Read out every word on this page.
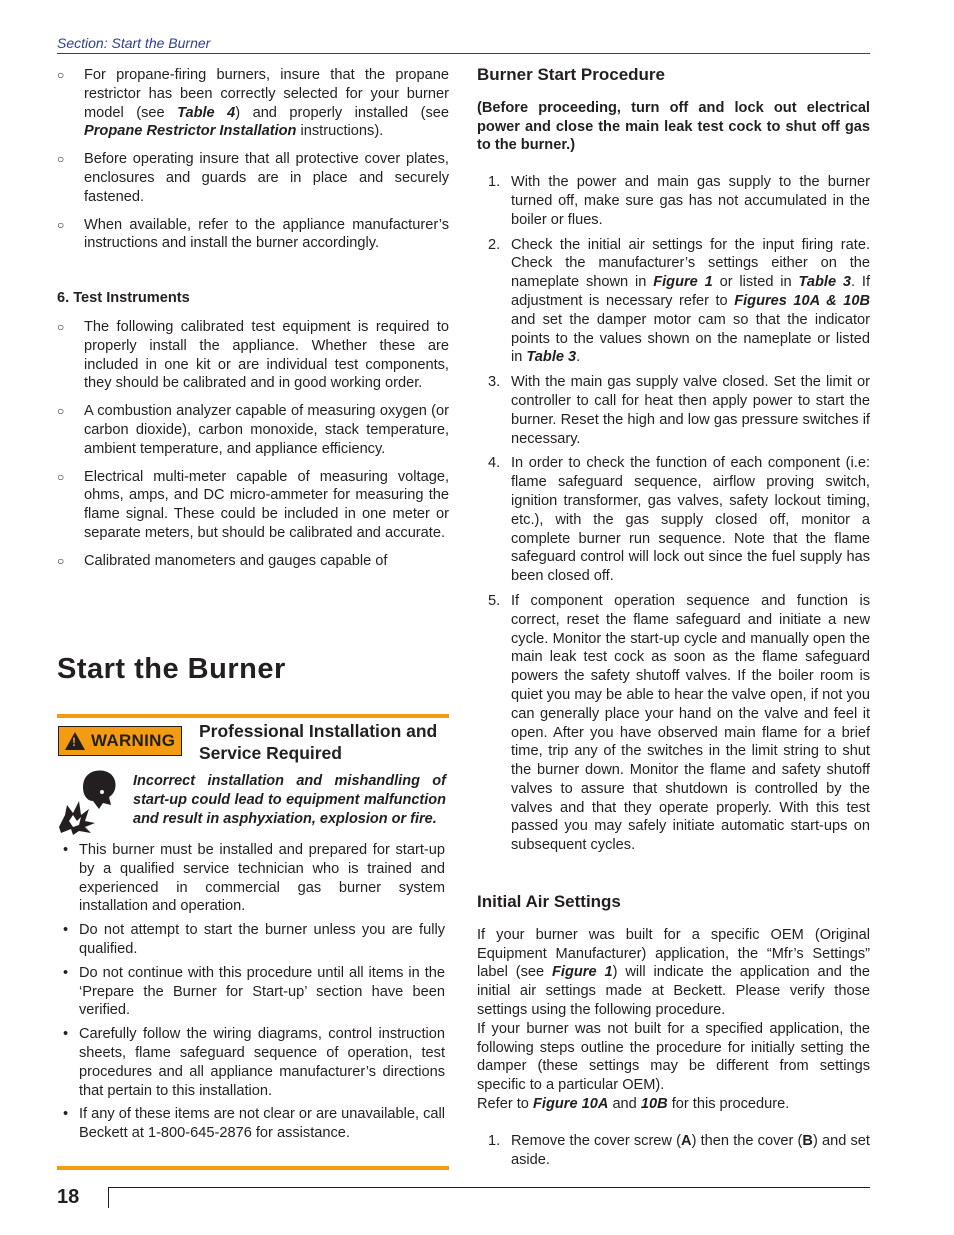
Section: Start the Burner
○ For propane-firing burners, insure that the propane restrictor has been correctly selected for your burner model (see Table 4) and properly installed (see Propane Restrictor Installation instructions).
○ Before operating insure that all protective cover plates, enclosures and guards are in place and securely fastened.
○ When available, refer to the appliance manufacturer’s instructions and install the burner accordingly.
6. Test Instruments
○ The following calibrated test equipment is required to properly install the appliance. Whether these are included in one kit or are individual test components, they should be calibrated and in good working order.
○ A combustion analyzer capable of measuring oxygen (or carbon dioxide), carbon monoxide, stack temperature, ambient temperature, and appliance efficiency.
○ Electrical multi-meter capable of measuring voltage, ohms, amps, and DC micro-ammeter for measuring the flame signal. These could be included in one meter or separate meters, but should be calibrated and accurate.
○ Calibrated manometers and gauges capable of
Start the Burner
! WARNING Professional Installation and Service Required
Incorrect installation and mishandling of start-up could lead to equipment malfunction and result in asphyxiation, explosion or fire.
• This burner must be installed and prepared for start-up by a qualified service technician who is trained and experienced in commercial gas burner system installation and operation.
• Do not attempt to start the burner unless you are fully qualified.
• Do not continue with this procedure until all items in the ‘Prepare the Burner for Start-up’ section have been verified.
• Carefully follow the wiring diagrams, control instruction sheets, flame safeguard sequence of operation, test procedures and all appliance manufacturer’s directions that pertain to this installation.
• If any of these items are not clear or are unavailable, call Beckett at 1-800-645-2876 for assistance.
Burner Start Procedure
(Before proceeding, turn off and lock out electrical power and close the main leak test cock to shut off gas to the burner.)
1. With the power and main gas supply to the burner turned off, make sure gas has not accumulated in the boiler or flues.
2. Check the initial air settings for the input firing rate. Check the manufacturer’s settings either on the nameplate shown in Figure 1 or listed in Table 3. If adjustment is necessary refer to Figures 10A & 10B and set the damper motor cam so that the indicator points to the values shown on the nameplate or listed in Table 3.
3. With the main gas supply valve closed. Set the limit or controller to call for heat then apply power to start the burner. Reset the high and low gas pressure switches if necessary.
4. In order to check the function of each component (i.e: flame safeguard sequence, airflow proving switch, ignition transformer, gas valves, safety lockout timing, etc.), with the gas supply closed off, monitor a complete burner run sequence. Note that the flame safeguard control will lock out since the fuel supply has been closed off.
5. If component operation sequence and function is correct, reset the flame safeguard and initiate a new cycle. Monitor the start-up cycle and manually open the main leak test cock as soon as the flame safeguard powers the safety shutoff valves. If the boiler room is quiet you may be able to hear the valve open, if not you can generally place your hand on the valve and feel it open. After you have observed main flame for a brief time, trip any of the switches in the limit string to shut the burner down. Monitor the flame and safety shutoff valves to assure that shutdown is controlled by the valves and that they operate properly. With this test passed you may safely initiate automatic start-ups on subsequent cycles.
Initial Air Settings
If your burner was built for a specific OEM (Original Equipment Manufacturer) application, the “Mfr’s Settings” label (see Figure 1) will indicate the application and the initial air settings made at Beckett. Please verify those settings using the following procedure.
If your burner was not built for a specified application, the following steps outline the procedure for initially setting the damper (these settings may be different from settings specific to a particular OEM).
Refer to Figure 10A and 10B for this procedure.
1. Remove the cover screw (A) then the cover (B) and set aside.
18
